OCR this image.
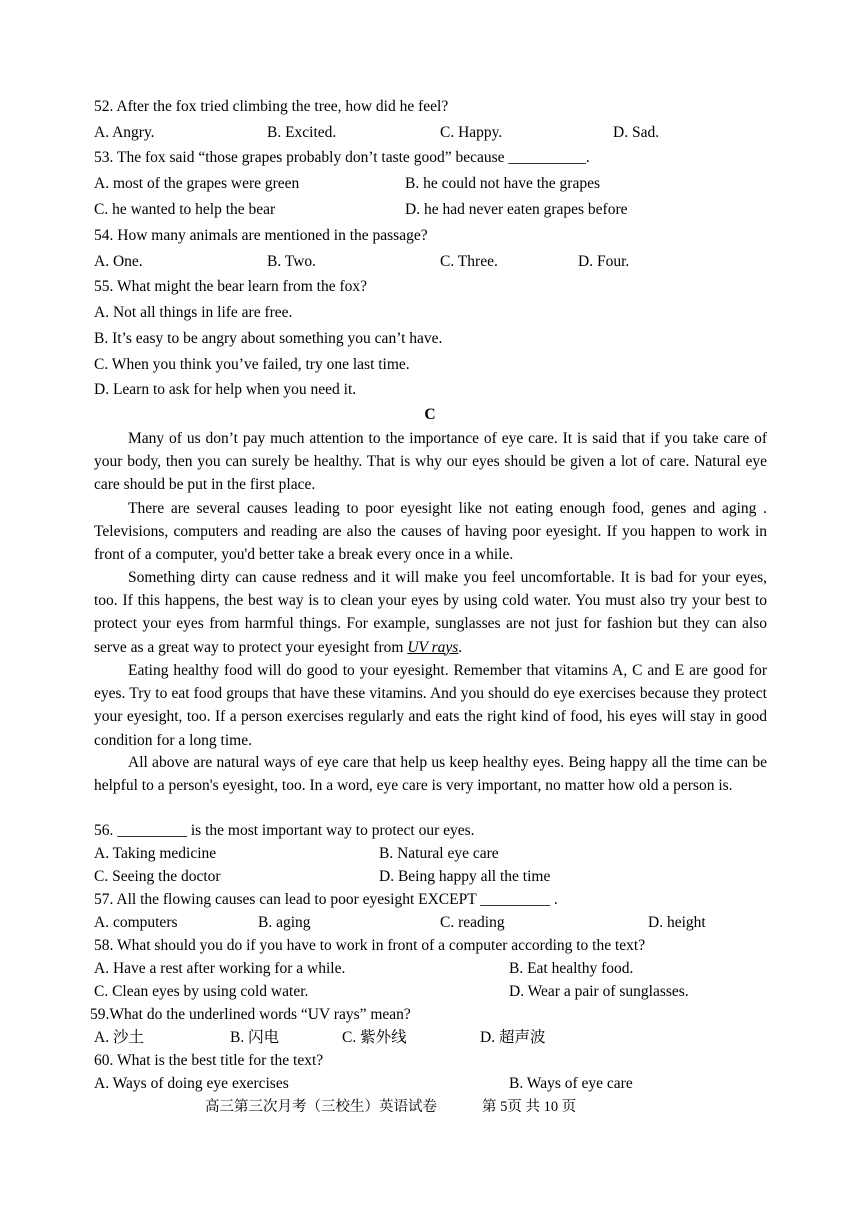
52. After the fox tried climbing the tree, how did he feel?
A. Angry.	B. Excited.	C. Happy.	D. Sad.
53. The fox said “those grapes probably don’t taste good” because __________.
A. most of the grapes were green	B. he could not have the grapes
C. he wanted to help the bear	D. he had never eaten grapes before
54. How many animals are mentioned in the passage?
A. One.	B. Two.	C. Three.	D. Four.
55. What might the bear learn from the fox?
A. Not all things in life are free.
B. It’s easy to be angry about something you can’t have.
C. When you think you’ve failed, try one last time.
D. Learn to ask for help when you need it.
C
Many of us don’t pay much attention to the importance of eye care. It is said that if you take care of your body, then you can surely be healthy. That is why our eyes should be given a lot of care. Natural eye care should be put in the first place.
There are several causes leading to poor eyesight like not eating enough food, genes and aging . Televisions, computers and reading are also the causes of having poor eyesight. If you happen to work in front of a computer, you'd better take a break every once in a while.
Something dirty can cause redness and it will make you feel uncomfortable. It is bad for your eyes, too. If this happens, the best way is to clean your eyes by using cold water. You must also try your best to protect your eyes from harmful things. For example, sunglasses are not just for fashion but they can also serve as a great way to protect your eyesight from UV rays.
Eating healthy food will do good to your eyesight. Remember that vitamins A, C and E are good for eyes. Try to eat food groups that have these vitamins. And you should do eye exercises because they protect your eyesight, too. If a person exercises regularly and eats the right kind of food, his eyes will stay in good condition for a long time.
All above are natural ways of eye care that help us keep healthy eyes. Being happy all the time can be helpful to a person's eyesight, too. In a word, eye care is very important, no matter how old a person is.
56. _________ is the most important way to protect our eyes.
A. Taking medicine	B. Natural eye care
C. Seeing the doctor	D. Being happy all the time
57. All the flowing causes can lead to poor eyesight EXCEPT _________ .
A. computers	B. aging	C. reading	D. height
58. What should you do if you have to work in front of a computer according to the text?
A. Have a rest after working for a while.	B. Eat healthy food.
C. Clean eyes by using cold water.	D. Wear a pair of sunglasses.
59.What do the underlined words “UV rays” mean?
A. 沙土	B. 闪电	C. 紫外线	D. 超声波
60. What is the best title for the text?
A. Ways of doing eye exercises	B. Ways of eye care
高三第三次月考（三校生）英语试卷	第 5页 共 10 页
